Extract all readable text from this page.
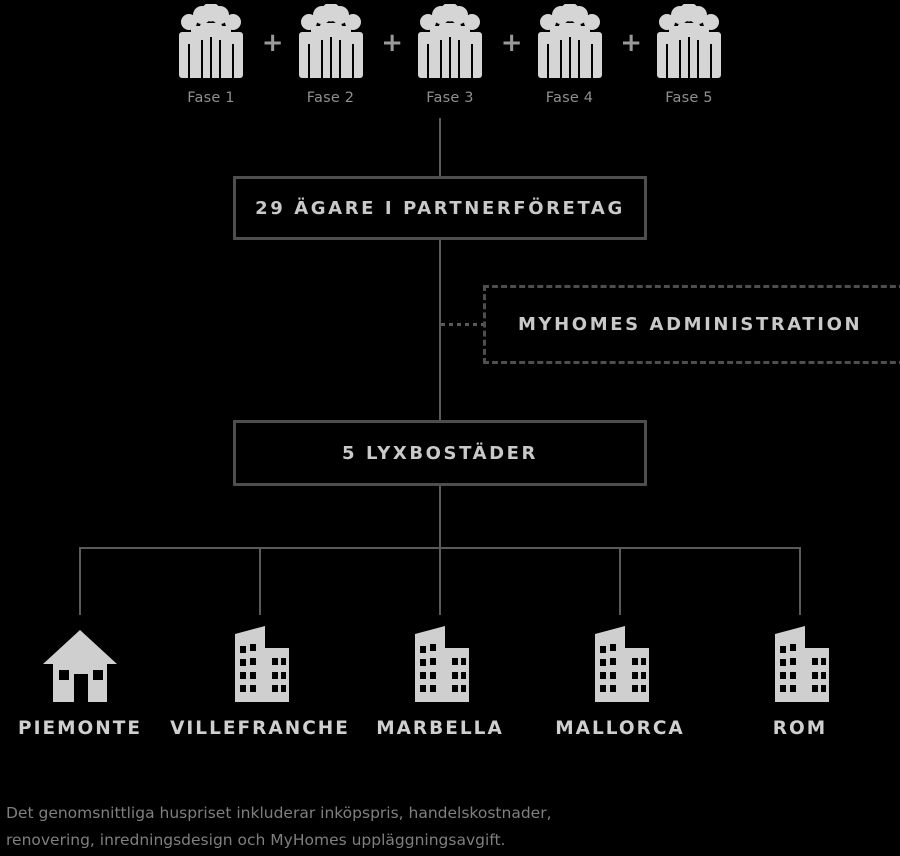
Fase 1
+
Fase 2
+
Fase 3
+
Fase 4
+
Fase 5
29 ÄGARE I PARTNERFÖRETAG
MYHOMES ADMINISTRATION
5 LYXBOSTÄDER
PIEMONTE VILLEFRANCHE MARBELLA	MALLORCA	ROM
Det genomsnittliga huspriset inkluderar inköpspris, handelskostnader,
renovering, inredningsdesign och MyHomes uppläggningsavgift.
